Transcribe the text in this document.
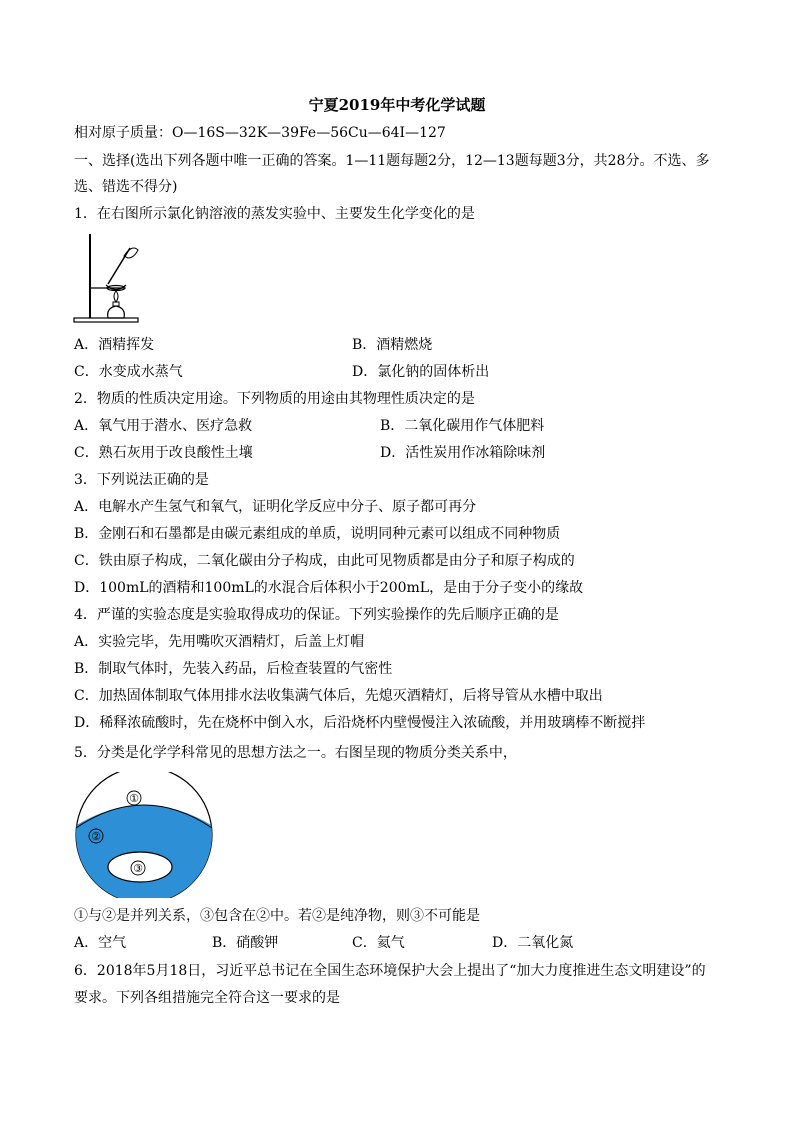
宁夏2019年中考化学试题
相对原子质量：O—16S—32K—39Fe—56Cu—64I—127
一、选择(选出下列各题中唯一正确的答案。1—11题每题2分，12—13题每题3分，共28分。不选、多
选、错选不得分)
1．在右图所示氯化钠溶液的蒸发实验中、主要发生化学变化的是
A．酒精挥发	B．酒精燃烧
C．水变成水蒸气	D．氯化钠的固体析出
2．物质的性质决定用途。下列物质的用途由其物理性质决定的是
A．氧气用于潜水、医疗急救	B．二氧化碳用作气体肥料
C．熟石灰用于改良酸性土壤	D．活性炭用作冰箱除味剂
3．下列说法正确的是
A．电解水产生氢气和氧气，证明化学反应中分子、原子都可再分
B．金刚石和石墨都是由碳元素组成的单质，说明同种元素可以组成不同种物质
C．铁由原子构成，二氧化碳由分子构成，由此可见物质都是由分子和原子构成的
D．100mL的酒精和100mL的水混合后体积小于200mL，是由于分子变小的缘故
4．严谨的实验态度是实验取得成功的保证。下列实验操作的先后顺序正确的是
A．实验完毕，先用嘴吹灭酒精灯，后盖上灯帽
B．制取气体时，先装入药品，后检查装置的气密性
C．加热固体制取气体用排水法收集满气体后，先熄灭酒精灯，后将导管从水槽中取出
D．稀释浓硫酸时，先在烧杯中倒入水，后沿烧杯内壁慢慢注入浓硫酸，并用玻璃棒不断搅拌
5．分类是化学学科常见的思想方法之一。右图呈现的物质分类关系中，
①
②
③
①与②是并列关系，③包含在②中。若②是纯净物，则③不可能是
A．空气	B．硝酸钾	C．氦气	D．二氧化氮
6．2018年5月18日，习近平总书记在全国生态环境保护大会上提出了“加大力度推进生态文明建设”的
要求。下列各组措施完全符合这一要求的是
